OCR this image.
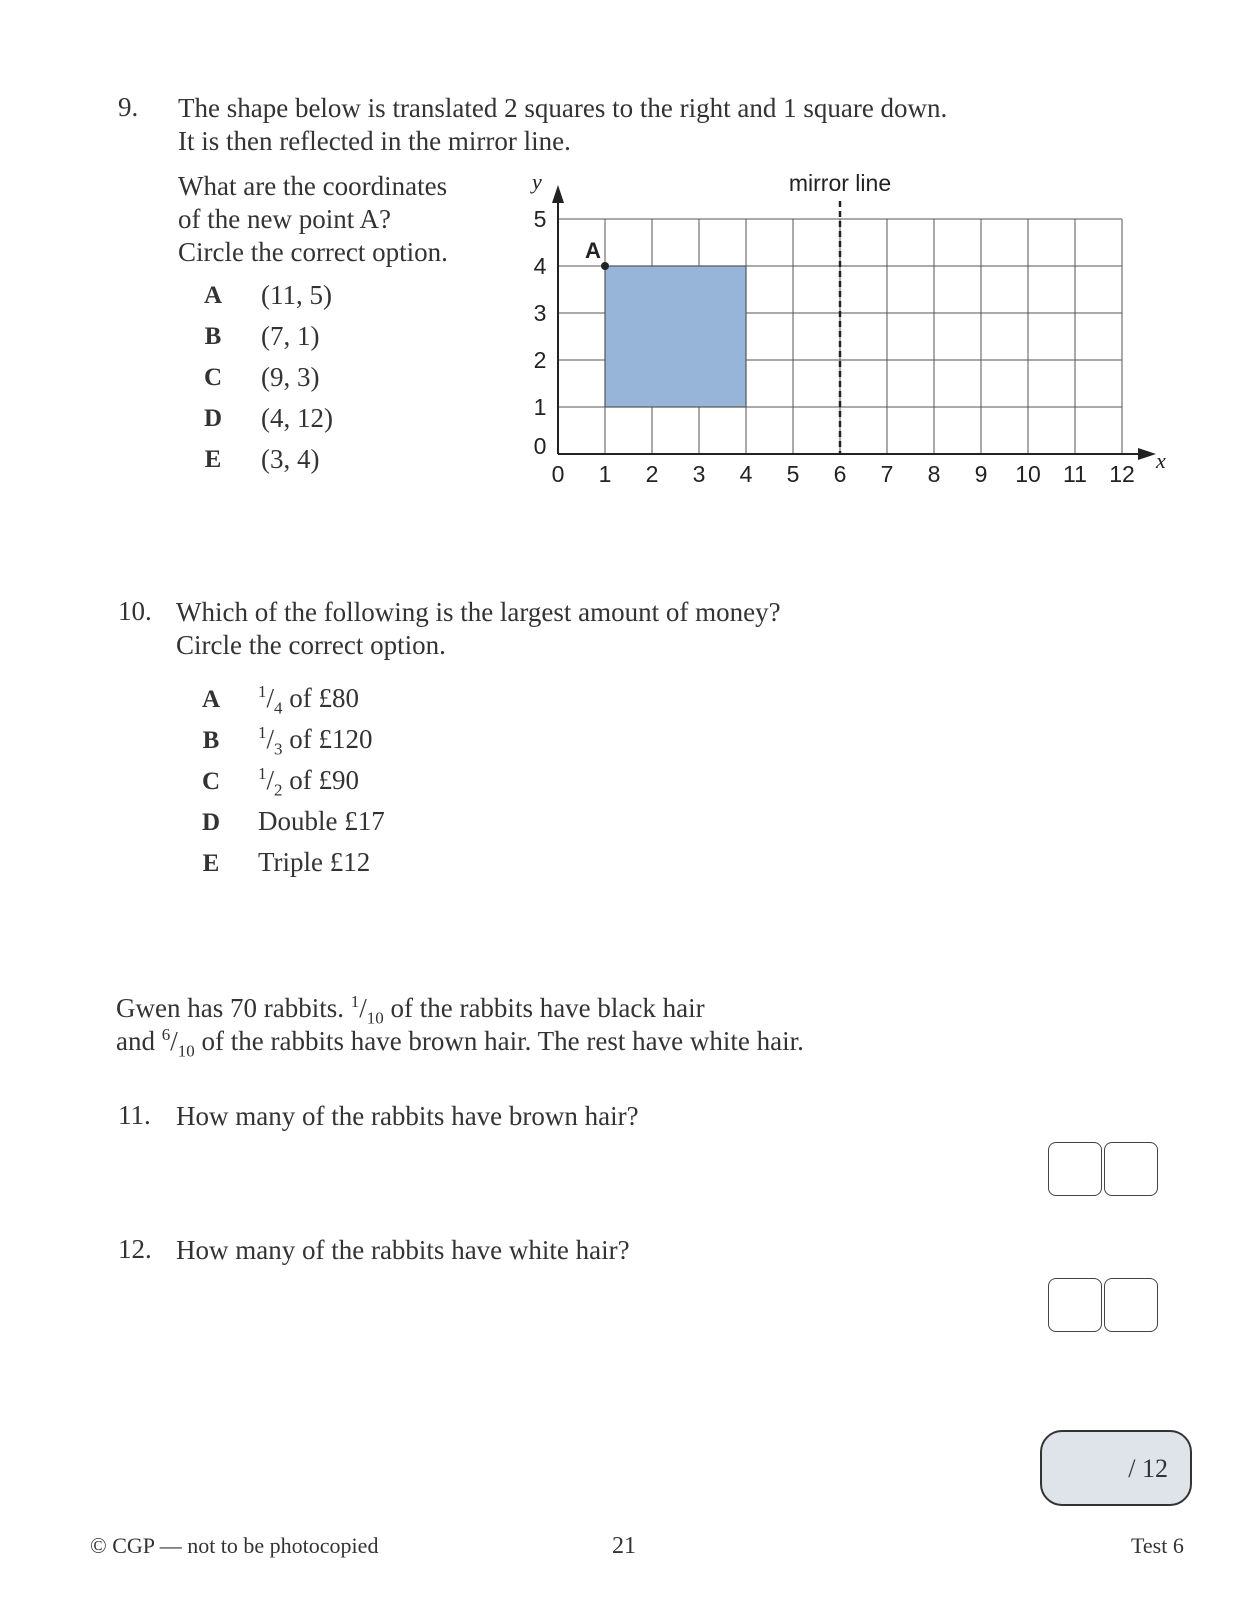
9. The shape below is translated 2 squares to the right and 1 square down.
It is then reflected in the mirror line.
What are the coordinates
of the new point A?
Circle the correct option.
A (11, 5)
B (7, 1)
C (9, 3)
D (4, 12)
E (3, 4)	0 1 2 3 4 5 6 7 8 9 10 11 12
0
1
2
3
4
5
mirror line
A
y
x
10. Which of the following is the largest amount of money?
Circle the correct option.
A	$^1/_4$ of £80
B	$^1/_3$ of £120
C	$^1/_2$ of £90
D Double £17
E Triple £12
Gwen has 70 rabbits. $^1/_{10}$ of the rabbits have black hair
and $^6/_{10}$ of the rabbits have brown hair. The rest have white hair.
11. How many of the rabbits have brown hair?
12. How many of the rabbits have white hair?
/ 12
© CGP — not to be photocopied	21	Test 6
